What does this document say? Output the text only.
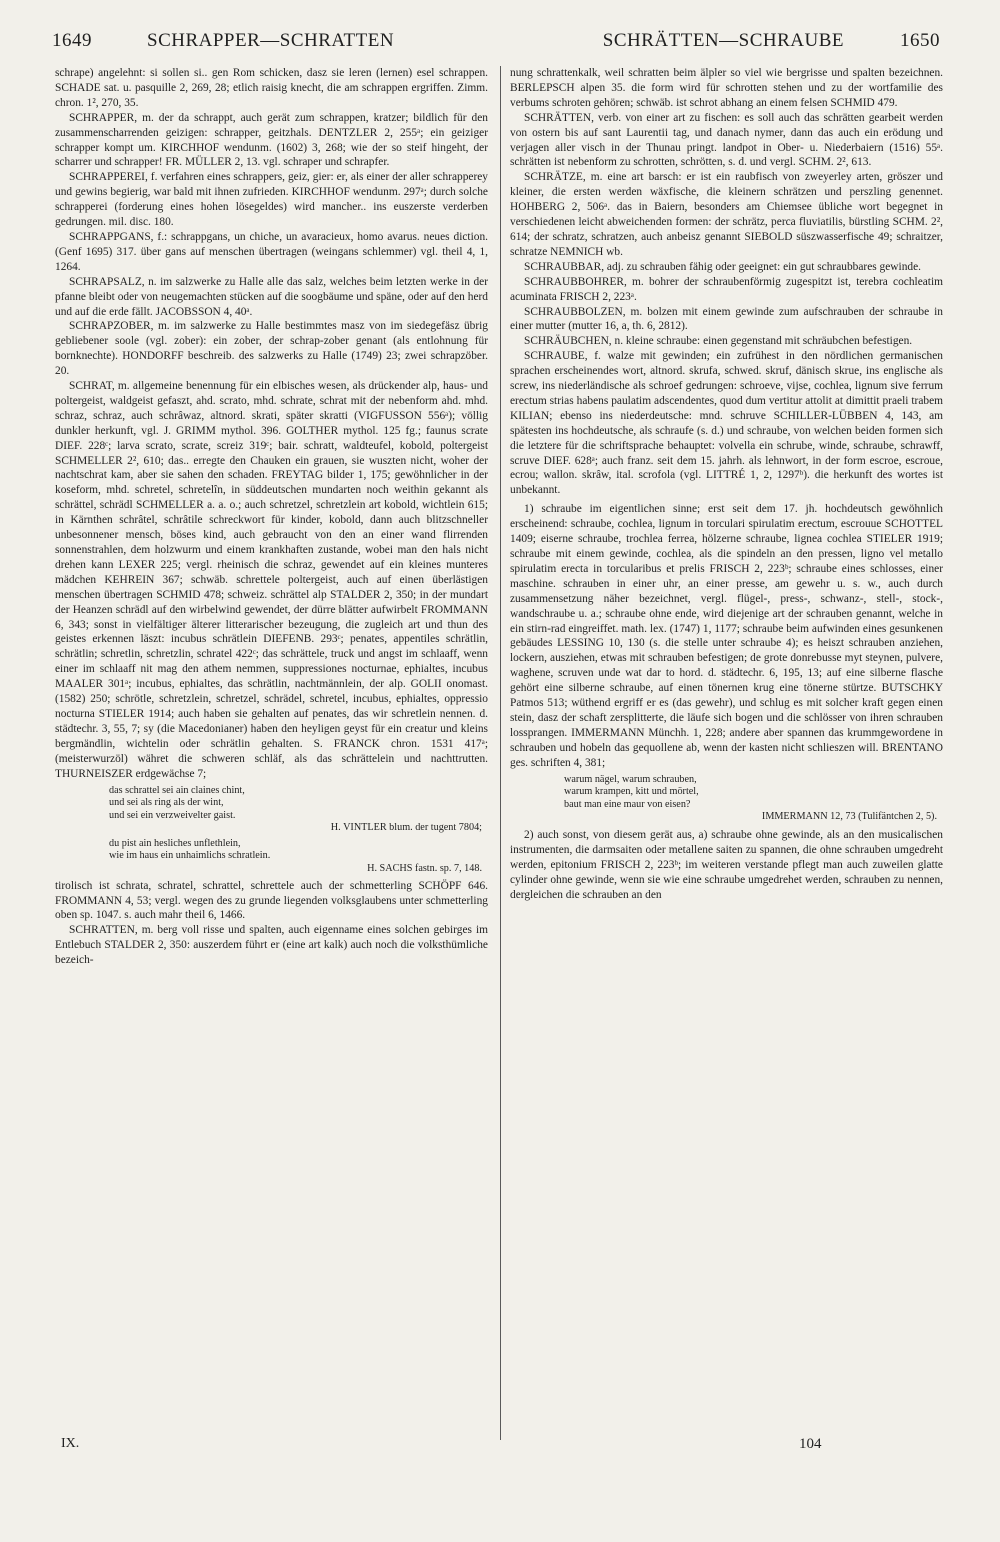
1649	SCHRAPPER—SCHRATTEN	SCHRÄTTEN—SCHRAUBE	1650

schrape) angelehnt: si sollen si.. gen Rom schicken, dasz sie leren (lernen) esel schrappen. SCHADE sat. u. pasquille 2, 269, 28; etlich raisig knecht, die am schrappen ergriffen. Zimm. chron. 1², 270, 35.

SCHRAPPER, m. der da schrappt, auch gerät zum schrappen, kratzer; bildlich für den zusammenscharrenden geizigen: schrapper, geitzhals. DENTZLER 2, 255ᵃ; ein geiziger schrapper kompt um. KIRCHHOF wendunm. (1602) 3, 268; wie der so steif hingeht, der scharrer und schrapper! FR. MÜLLER 2, 13. vgl. schraper und schrapfer.

SCHRAPPEREI, f. verfahren eines schrappers, geiz, gier: er, als einer der aller schrapperey und gewins begierig, war bald mit ihnen zufrieden. KIRCHHOF wendunm. 297ᵃ; durch solche schrapperei (forderung eines hohen lösegeldes) wird mancher.. ins euszerste verderben gedrungen. mil. disc. 180.

SCHRAPPGANS, f.: schrappgans, un chiche, un avaracieux, homo avarus. neues diction. (Genf 1695) 317. über gans auf menschen übertragen (weingans schlemmer) vgl. theil 4, 1, 1264.

SCHRAPSALZ, n. im salzwerke zu Halle alle das salz, welches beim letzten werke in der pfanne bleibt oder von neugemachten stücken auf die soogbäume und späne, oder auf den herd und auf die erde fällt. JACOBSSON 4, 40ᵃ.

SCHRAPZOBER, m. im salzwerke zu Halle bestimmtes masz von im siedegefäsz übrig gebliebener soole (vgl. zober): ein zober, der schrap-zober genant (als entlohnung für bornknechte). HONDORFF beschreib. des salzwerks zu Halle (1749) 23; zwei schrapzöber. 20.

SCHRAT, m. allgemeine benennung für ein elbisches wesen, als drückender alp, haus- und poltergeist, waldgeist gefaszt, ahd. scrato, mhd. schrate, schrat mit der nebenform ahd. mhd. schraz, schraz, auch schrâwaz, altnord. skrati, später skratti (VIGFUSSON 556ᵃ); völlig dunkler herkunft, vgl. J. GRIMM mythol. 396. GOLTHER mythol. 125 fg.; faunus scrate DIEF. 228ᶜ; larva scrato, scrate, screiz 319ᶜ; bair. schratt, waldteufel, kobold, poltergeist SCHMELLER 2², 610; das.. erregte den Chauken ein grauen, sie wuszten nicht, woher der nachtschrat kam, aber sie sahen den schaden. FREYTAG bilder 1, 175; gewöhnlicher in der koseform, mhd. schretel, schretelîn, in süddeutschen mundarten noch weithin gekannt als schrättel, schrädl SCHMELLER a. a. o.; auch schretzel, schretzlein art kobold, wichtlein 615; in Kärnthen schrâtel, schrâtile schreckwort für kinder, kobold, dann auch blitzschneller unbesonnener mensch, böses kind, auch gebraucht von den an einer wand flirrenden sonnenstrahlen, dem holzwurm und einem krankhaften zustande, wobei man den hals nicht drehen kann LEXER 225; vergl. rheinisch die schraz, gewendet auf ein kleines munteres mädchen KEHREIN 367; schwäb. schrettele poltergeist, auch auf einen überlästigen menschen übertragen SCHMID 478; schweiz. schrättel alp STALDER 2, 350; in der mundart der Heanzen schrädl auf den wirbelwind gewendet, der dürre blätter aufwirbelt FROMMANN 6, 343; sonst in vielfältiger älterer litterarischer bezeugung, die zugleich art und thun des geistes erkennen läszt: incubus schrätlein DIEFENB. 293ᶜ; penates, appentiles schrätlin, schrätlin; schretlin, schretzlin, schratel 422ᶜ; das schrättele, truck und angst im schlaaff, wenn einer im schlaaff nit mag den athem nemmen, suppressiones nocturnae, ephialtes, incubus MAALER 301ᵃ; incubus, ephialtes, das schrätlin, nachtmännlein, der alp. GOLII onomast. (1582) 250; schrötle, schretzlein, schretzel, schrädel, schretel, incubus, ephialtes, oppressio nocturna STIELER 1914; auch haben sie gehalten auf penates, das wir schretlein nennen. d. städtechr. 3, 55, 7; sy (die Macedonianer) haben den heyligen geyst für ein creatur und kleins bergmändlin, wichtelin oder schrätlin gehalten. S. FRANCK chron. 1531 417ᵃ; (meisterwurzöl) währet die schweren schläf, als das schrättelein und nachttrutten. THURNEISZER erdgewächse 7;

das schrattel sei ain claines chint,
und sei als ring als der wint,
und sei ein verzweivelter gaist.

H. VINTLER blum. der tugent 7804;
du pist ain hesliches unflethlein,
wie im haus ein unhaimlichs schratlein.

H. SACHS fastn. sp. 7, 148.

tirolisch ist schrata, schratel, schrattel, schrettele auch der schmetterling SCHÖPF 646. FROMMANN 4, 53; vergl. wegen des zu grunde liegenden volksglaubens unter schmetterling oben sp. 1047. s. auch mahr theil 6, 1466.

SCHRATTEN, m. berg voll risse und spalten, auch eigenname eines solchen gebirges im Entlebuch STALDER 2, 350: auszerdem führt er (eine art kalk) auch noch die volksthümliche bezeich-

nung schrattenkalk, weil schratten beim älpler so viel wie bergrisse und spalten bezeichnen. BERLEPSCH alpen 35. die form wird für schrotten stehen und zu der wortfamilie des verbums schroten gehören; schwäb. ist schrot abhang an einem felsen SCHMID 479.

SCHRÄTTEN, verb. von einer art zu fischen: es soll auch das schrätten gearbeit werden von ostern bis auf sant Laurentii tag, und danach nymer, dann das auch ein erödung und verjagen aller visch in der Thunau pringt. landpot in Ober- u. Niederbaiern (1516) 55ᵃ. schrätten ist nebenform zu schrotten, schrötten, s. d. und vergl. SCHM. 2², 613.

SCHRÄTZE, m. eine art barsch: er ist ein raubfisch von zweyerley arten, gröszer und kleiner, die ersten werden wäxfische, die kleinern schrätzen und perszling genennet. HOHBERG 2, 506ᵃ. das in Baiern, besonders am Chiemsee übliche wort begegnet in verschiedenen leicht abweichenden formen: der schrätz, perca fluviatilis, bürstling SCHM. 2², 614; der schratz, schratzen, auch anbeisz genannt SIEBOLD süszwasserfische 49; schraitzer, schratze NEMNICH wb.

SCHRAUBBAR, adj. zu schrauben fähig oder geeignet: ein gut schraubbares gewinde.

SCHRAUBBOHRER, m. bohrer der schraubenförmig zugespitzt ist, terebra cochleatim acuminata FRISCH 2, 223ᵃ.

SCHRAUBBOLZEN, m. bolzen mit einem gewinde zum aufschrauben der schraube in einer mutter (mutter 16, a, th. 6, 2812).

SCHRÄUBCHEN, n. kleine schraube: einen gegenstand mit schräubchen befestigen.

SCHRAUBE, f. walze mit gewinden; ein zufrühest in den nördlichen germanischen sprachen erscheinendes wort, altnord. skrufa, schwed. skruf, dänisch skrue, ins englische als screw, ins niederländische als schroef gedrungen: schroeve, vijse, cochlea, lignum sive ferrum erectum strias habens paulatim adscendentes, quod dum vertitur attolit at dimittit praeli trabem KILIAN; ebenso ins niederdeutsche: mnd. schruve SCHILLER-LÜBBEN 4, 143, am spätesten ins hochdeutsche, als schraufe (s. d.) und schraube, von welchen beiden formen sich die letztere für die schriftsprache behauptet: volvella ein schrube, winde, schraube, schrawff, scruve DIEF. 628ᵃ; auch franz. seit dem 15. jahrh. als lehnwort, in der form escroe, escroue, ecrou; wallon. skrâw, ital. scrofola (vgl. LITTRÉ 1, 2, 1297ᵇ). die herkunft des wortes ist unbekannt.

1) schraube im eigentlichen sinne; erst seit dem 17. jh. hochdeutsch gewöhnlich erscheinend: schraube, cochlea, lignum in torculari spirulatim erectum, escrouue SCHOTTEL 1409; eiserne schraube, trochlea ferrea, hölzerne schraube, lignea cochlea STIELER 1919; schraube mit einem gewinde, cochlea, als die spindeln an den pressen, ligno vel metallo spirulatim erecta in torcularibus et prelis FRISCH 2, 223ᵇ; schraube eines schlosses, einer maschine. schrauben in einer uhr, an einer presse, am gewehr u. s. w., auch durch zusammensetzung näher bezeichnet, vergl. flügel-, press-, schwanz-, stell-, stock-, wandschraube u. a.; schraube ohne ende, wird diejenige art der schrauben genannt, welche in ein stirn-rad eingreiffet. math. lex. (1747) 1, 1177; schraube beim aufwinden eines gesunkenen gebäudes LESSING 10, 130 (s. die stelle unter schraube 4); es heiszt schrauben anziehen, lockern, ausziehen, etwas mit schrauben befestigen; de grote donrebusse myt steynen, pulvere, waghene, scruven unde wat dar to hord. d. städtechr. 6, 195, 13; auf eine silberne flasche gehört eine silberne schraube, auf einen tönernen krug eine tönerne stürtze. BUTSCHKY Patmos 513; wüthend ergriff er es (das gewehr), und schlug es mit solcher kraft gegen einen stein, dasz der schaft zersplitterte, die läufe sich bogen und die schlösser von ihren schrauben lossprangen. IMMERMANN Münchh. 1, 228; andere aber spannen das krummgewordene in schrauben und hobeln das gequollene ab, wenn der kasten nicht schlieszen will. BRENTANO ges. schriften 4, 381;

warum nägel, warum schrauben,
warum krampen, kitt und mörtel,
baut man eine maur von eisen?

IMMERMANN 12, 73 (Tulifäntchen 2, 5).

2) auch sonst, von diesem gerät aus, a) schraube ohne gewinde, als an den musicalischen instrumenten, die darmsaiten oder metallene saiten zu spannen, die ohne schrauben umgedreht werden, epitonium FRISCH 2, 223ᵇ; im weiteren verstande pflegt man auch zuweilen glatte cylinder ohne gewinde, wenn sie wie eine schraube umgedrehet werden, schrauben zu nennen, dergleichen die schrauben an den

IX.	104
